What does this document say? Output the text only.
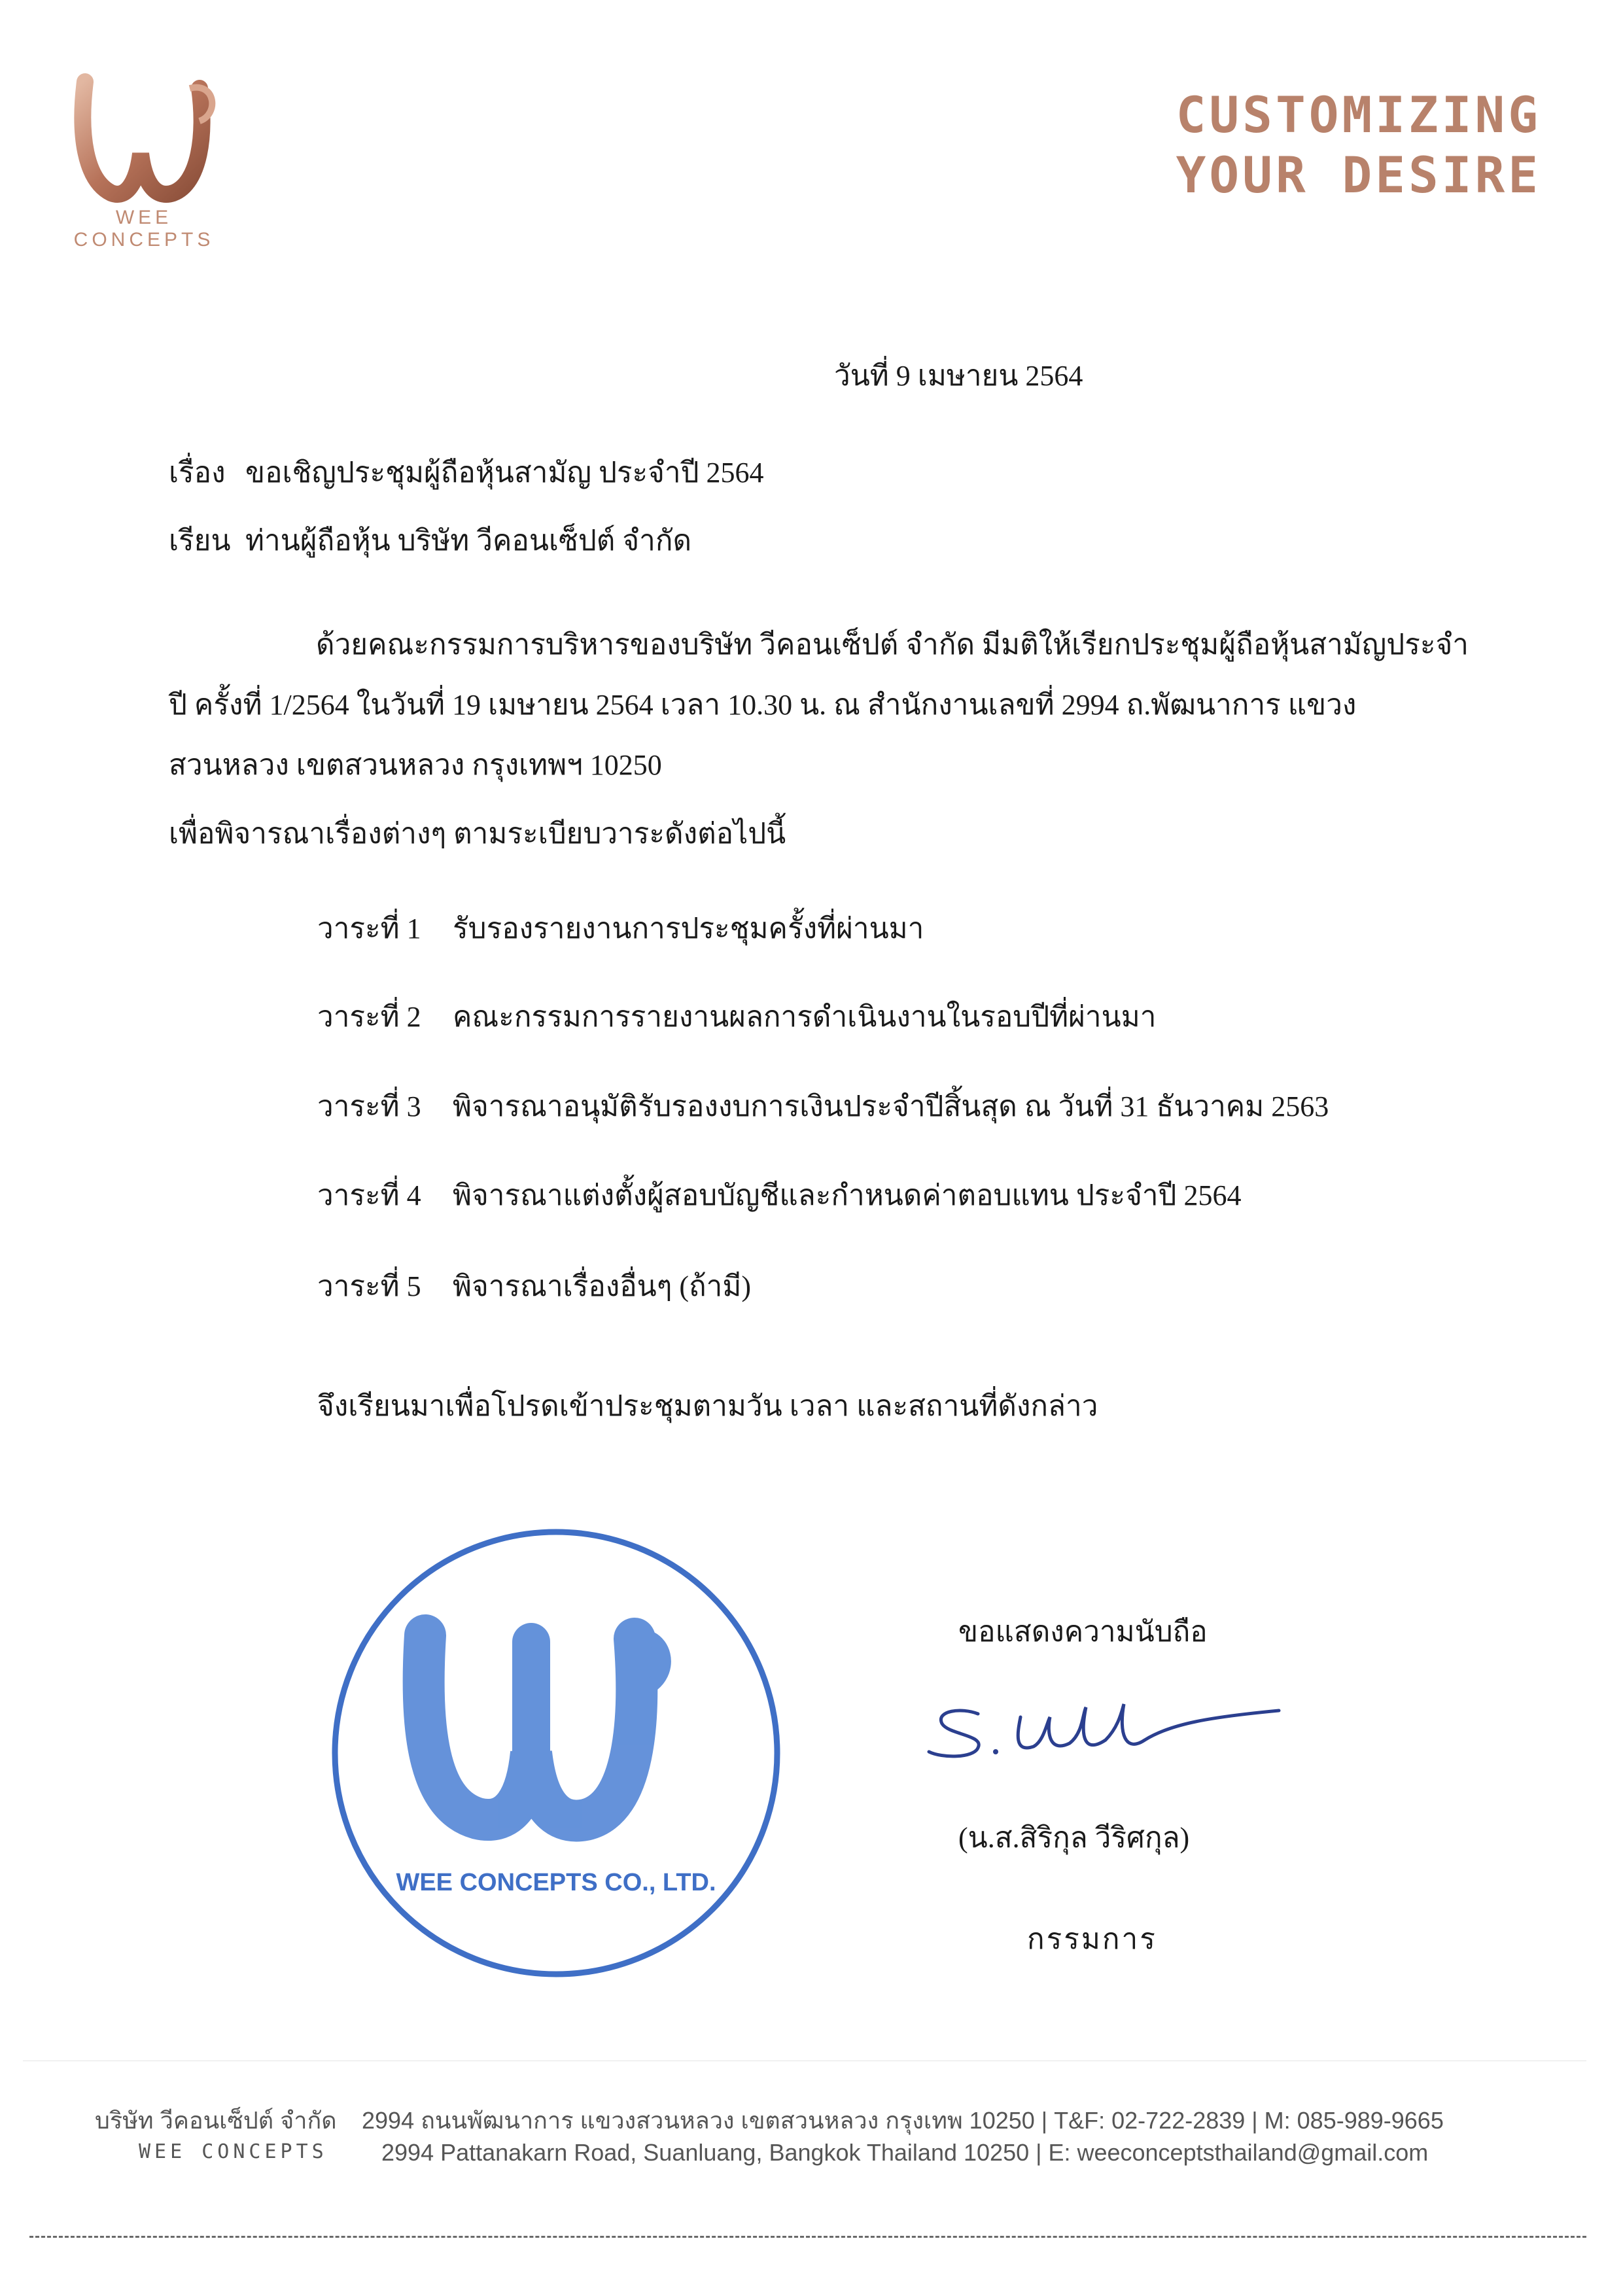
WEE CONCEPTS
CUSTOMIZING
YOUR DESIRE
วันที่ 9 เมษายน 2564
เรื่อง ขอเชิญประชุมผู้ถือหุ้นสามัญ ประจำปี 2564
เรียน ท่านผู้ถือหุ้น บริษัท วีคอนเซ็ปต์ จำกัด
ด้วยคณะกรรมการบริหารของบริษัท วีคอนเซ็ปต์ จำกัด มีมติให้เรียกประชุมผู้ถือหุ้นสามัญประจำปี ครั้งที่ 1/2564 ในวันที่ 19 เมษายน 2564 เวลา 10.30 น. ณ สำนักงานเลขที่ 2994 ถ.พัฒนาการ แขวงสวนหลวง เขตสวนหลวง กรุงเทพฯ 10250
เพื่อพิจารณาเรื่องต่างๆ ตามระเบียบวาระดังต่อไปนี้
วาระที่ 1 รับรองรายงานการประชุมครั้งที่ผ่านมา
วาระที่ 2 คณะกรรมการรายงานผลการดำเนินงานในรอบปีที่ผ่านมา
วาระที่ 3 พิจารณาอนุมัติรับรองงบการเงินประจำปีสิ้นสุด ณ วันที่ 31 ธันวาคม 2563
วาระที่ 4 พิจารณาแต่งตั้งผู้สอบบัญชีและกำหนดค่าตอบแทน ประจำปี 2564
วาระที่ 5 พิจารณาเรื่องอื่นๆ (ถ้ามี)
จึงเรียนมาเพื่อโปรดเข้าประชุมตามวัน เวลา และสถานที่ดังกล่าว
WEE CONCEPTS CO., LTD.
ขอแสดงความนับถือ
(น.ส.สิริกุล วีริศกุล)
กรรมการ
บริษัท วีคอนเซ็ปต์ จำกัด
WEE CONCEPTS
2994 ถนนพัฒนาการ แขวงสวนหลวง เขตสวนหลวง กรุงเทพ 10250 | T&F: 02-722-2839 | M: 085-989-9665
2994 Pattanakarn Road, Suanluang, Bangkok Thailand 10250 | E: weeconceptsthailand@gmail.com
